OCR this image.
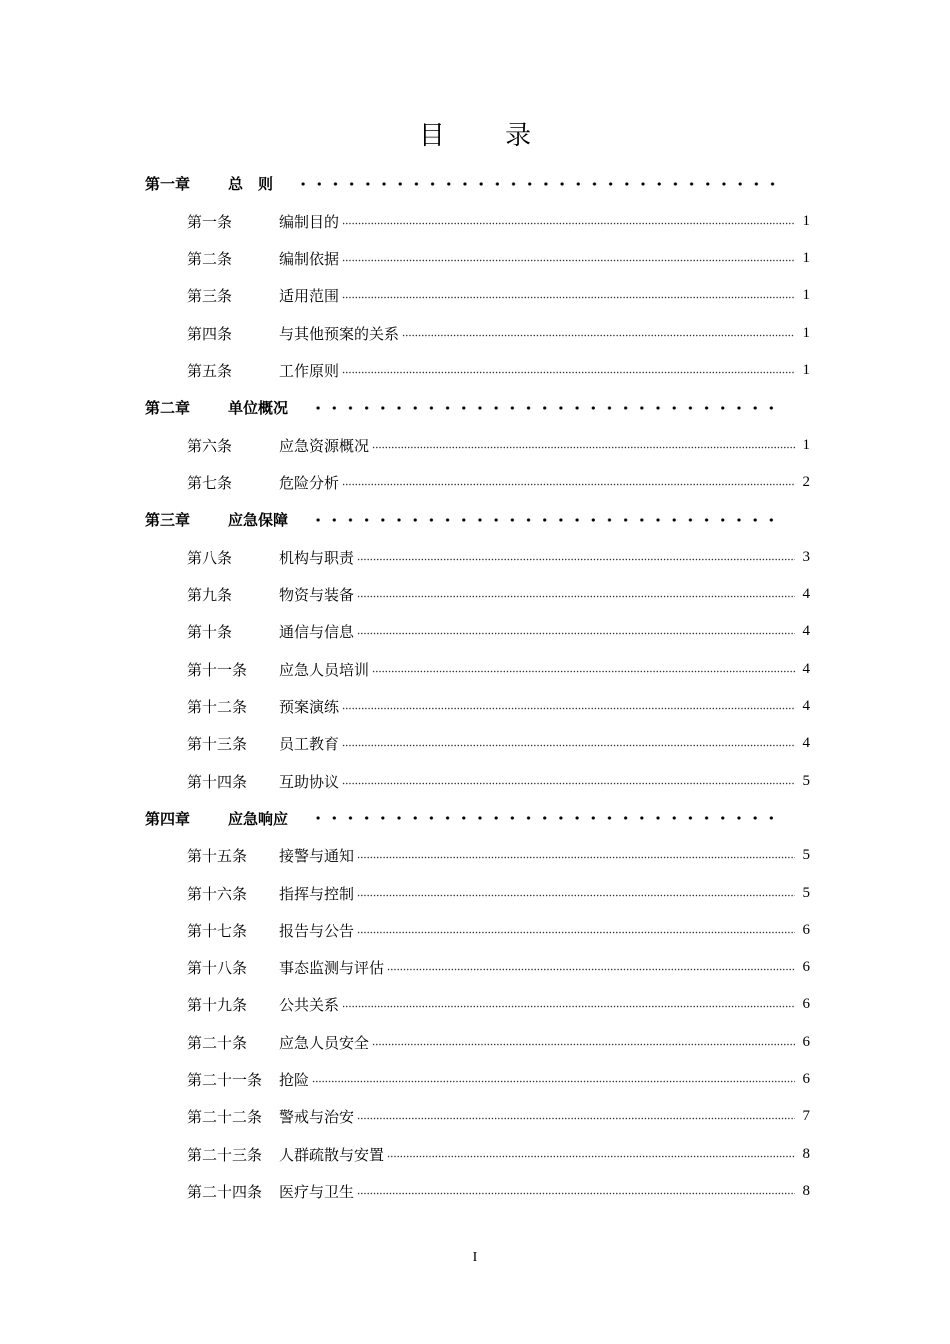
目 录
第一章	总　则
第一条	编制目的	1
第二条	编制依据	1
第三条	适用范围	1
第四条	与其他预案的关系	1
第五条	工作原则	1
第二章	单位概况
第六条	应急资源概况	1
第七条	危险分析	2
第三章	应急保障
第八条	机构与职责	3
第九条	物资与装备	4
第十条	通信与信息	4
第十一条	应急人员培训	4
第十二条	预案演练	4
第十三条	员工教育	4
第十四条	互助协议	5
第四章	应急响应
第十五条	接警与通知	5
第十六条	指挥与控制	5
第十七条	报告与公告	6
第十八条	事态监测与评估	6
第十九条	公共关系	6
第二十条	应急人员安全	6
第二十一条	抢险	6
第二十二条	警戒与治安	7
第二十三条	人群疏散与安置	8
第二十四条	医疗与卫生	8
I
